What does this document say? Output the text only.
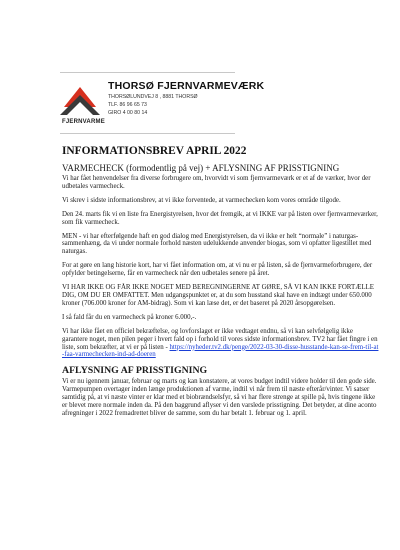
FJERNVARME
THORSØ FJERNVARMEVÆRK
THORSØLUNDVEJ 8 , 8881 THORSØ
TLF. 86 96 65 73
GIRO 4 00 80 14
INFORMATIONSBREV APRIL 2022
VARMECHECK (formodentlig på vej) + AFLYSNING AF PRISSTIGNING

Vi har fået henvendelser fra diverse forbrugere om, hvorvidt vi som fjernvarmeværk er et af de værker, hvor der udbetales varmecheck.

Vi skrev i sidste informationsbrev, at vi ikke forventede, at varmechecken kom vores område tilgode.

Den 24. marts fik vi en liste fra Energistyrelsen, hvor det fremgik, at vi IKKE var på listen over fjernvarmeværker, som fik varmecheck.

MEN - vi har efterfølgende haft en god dialog med Energistyrelsen, da vi ikke er helt “normale” i naturgas-sammenhæng, da vi under normale forhold næsten udelukkende anvender biogas, som vi opfatter ligestillet med naturgas.

For at gøre en lang historie kort, har vi fået information om, at vi nu er på listen, så de fjernvarmeforbrugere, der opfylder betingelserne, får en varmecheck når den udbetales senere på året.

VI HAR IKKE OG FÅR IKKE NOGET MED BEREGNINGERNE AT GØRE, SÅ VI KAN IKKE FORTÆLLE DIG, OM DU ER OMFATTET. Men udgangspunktet er, at du som husstand skal have en indtægt under 650.000 kroner (706.000 kroner for AM-bidrag). Som vi kan læse det, er det baseret på 2020 årsopgørelsen.

I så fald får du en varmecheck på kroner 6.000,-.

Vi har ikke fået en officiel bekræftelse, og lovforslaget er ikke vedtaget endnu, så vi kan selvfølgelig ikke garantere noget, men pilen peger i hvert fald op i forhold til vores sidste informationsbrev. TV2 har fået fingre i en liste, som bekræfter, at vi er på listen - https://nyheder.tv2.dk/penge/2022-03-30-disse-husstande-kan-se-frem-til-at-faa-varmechecken-ind-ad-doeren

AFLYSNING AF PRISSTIGNING

Vi er nu igennem januar, februar og marts og kan konstatere, at vores budget indtil videre holder til den gode side. Varmepumpen overtager inden længe produktionen af varme, indtil vi når frem til næste efterår/vinter. Vi satser samtidig på, at vi næste vinter er klar med et biobrændselsfyr, så vi har flere strenge at spille på, hvis tingene ikke er blevet mere normale inden da. På den baggrund aflyser vi den varslede prisstigning. Det betyder, at dine aconto afregninger i 2022 fremadrettet bliver de samme, som du har betalt 1. februar og 1. april.
